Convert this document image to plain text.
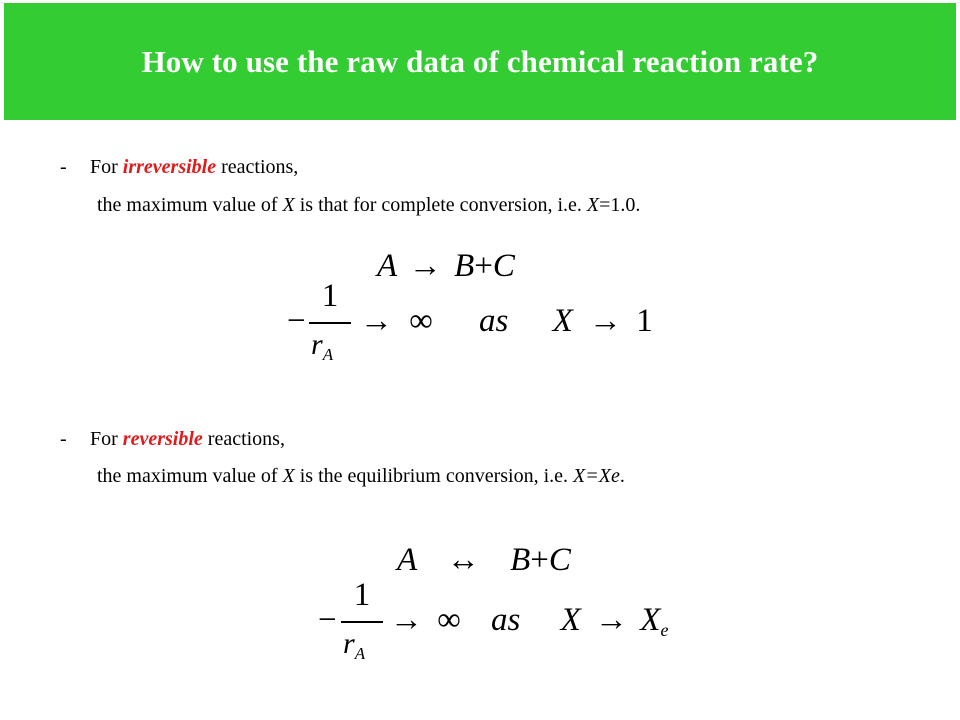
How to use the raw data of chemical reaction rate?
- For irreversible reactions,
the maximum value of X is that for complete conversion, i.e. X=1.0.
A → B+C
−
1
$r_A$
→ ∞ as X → 1
- For reversible reactions,
the maximum value of X is the equilibrium conversion, i.e. X=Xe.
A ↔ B+C
−
1
$r_A$
→ ∞ as $X \to X_e$
